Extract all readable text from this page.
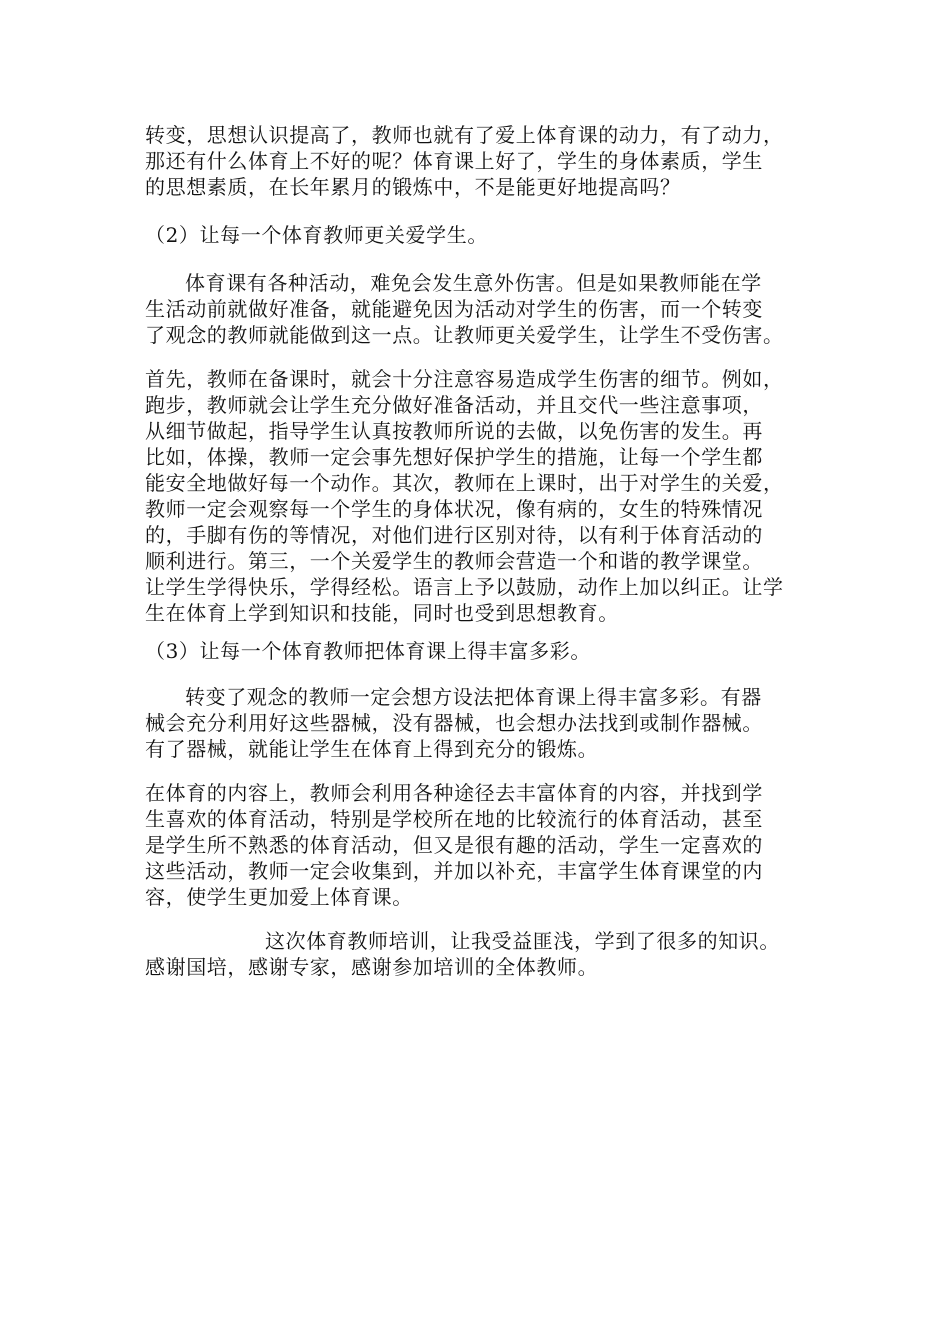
转变，思想认识提高了，教师也就有了爱上体育课的动力，有了动力，
那还有什么体育上不好的呢？体育课上好了，学生的身体素质，学生
的思想素质，在长年累月的锻炼中，不是能更好地提高吗？
（2）让每一个体育教师更关爱学生。
体育课有各种活动，难免会发生意外伤害。但是如果教师能在学
生活动前就做好准备，就能避免因为活动对学生的伤害，而一个转变
了观念的教师就能做到这一点。让教师更关爱学生，让学生不受伤害。
首先，教师在备课时，就会十分注意容易造成学生伤害的细节。例如，
跑步，教师就会让学生充分做好准备活动，并且交代一些注意事项，
从细节做起，指导学生认真按教师所说的去做，以免伤害的发生。再
比如，体操，教师一定会事先想好保护学生的措施，让每一个学生都
能安全地做好每一个动作。其次，教师在上课时，出于对学生的关爱，
教师一定会观察每一个学生的身体状况，像有病的，女生的特殊情况
的，手脚有伤的等情况，对他们进行区别对待，以有利于体育活动的
顺利进行。第三，一个关爱学生的教师会营造一个和谐的教学课堂。
让学生学得快乐，学得经松。语言上予以鼓励，动作上加以纠正。让学
生在体育上学到知识和技能，同时也受到思想教育。
（3）让每一个体育教师把体育课上得丰富多彩。
转变了观念的教师一定会想方设法把体育课上得丰富多彩。有器
械会充分利用好这些器械，没有器械，也会想办法找到或制作器械。
有了器械，就能让学生在体育上得到充分的锻炼。
在体育的内容上，教师会利用各种途径去丰富体育的内容，并找到学
生喜欢的体育活动，特别是学校所在地的比较流行的体育活动，甚至
是学生所不熟悉的体育活动，但又是很有趣的活动，学生一定喜欢的
这些活动，教师一定会收集到，并加以补充，丰富学生体育课堂的内
容，使学生更加爱上体育课。
这次体育教师培训，让我受益匪浅，学到了很多的知识。
感谢国培，感谢专家，感谢参加培训的全体教师。
